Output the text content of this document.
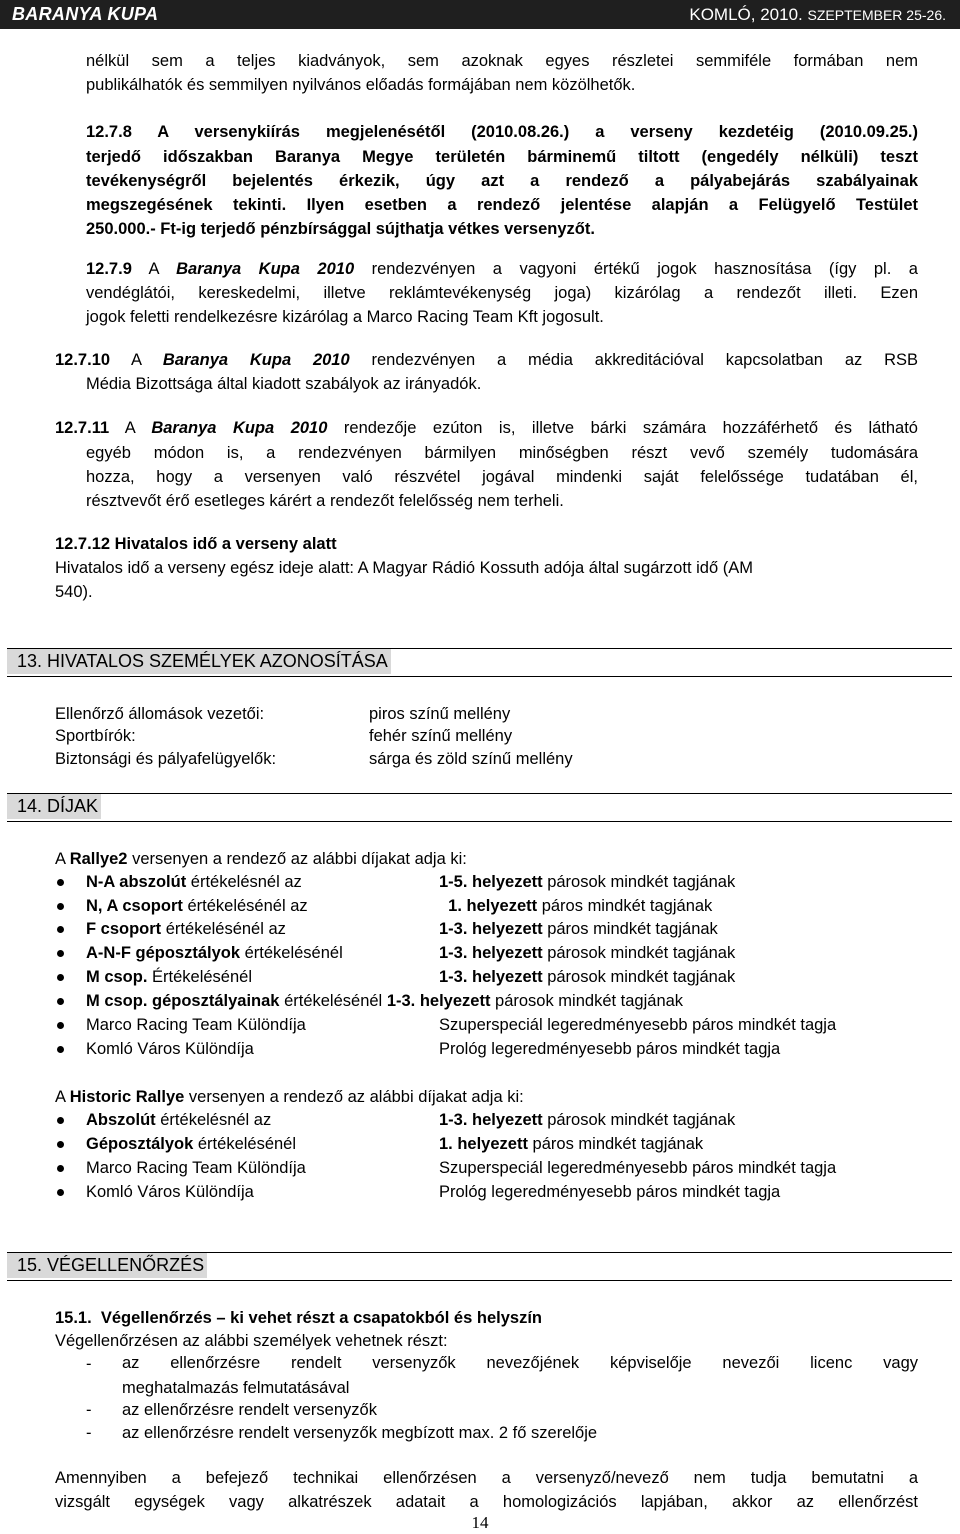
BARANYA KUPA	KOMLÓ, 2010. SZEPTEMBER 25-26.
nélkül sem a teljes kiadványok, sem azoknak egyes részletei semmiféle formában nem
publikálhatók és semmilyen nyilvános előadás formájában nem közölhetők.
12.7.8 A versenykiírás megjelenésétől (2010.08.26.) a verseny kezdetéig (2010.09.25.)
terjedő időszakban Baranya Megye területén bárminemű tiltott (engedély nélküli) teszt
tevékenységről bejelentés érkezik, úgy azt a rendező a pályabejárás szabályainak
megszegésének tekinti. Ilyen esetben a rendező jelentése alapján a Felügyelő Testület
250.000.- Ft-ig terjedő pénzbírsággal sújthatja vétkes versenyzőt.
12.7.9 A Baranya Kupa 2010 rendezvényen a vagyoni értékű jogok hasznosítása (így pl. a
vendéglátói, kereskedelmi, illetve reklámtevékenység joga) kizárólag a rendezőt illeti. Ezen
jogok feletti rendelkezésre kizárólag a Marco Racing Team Kft jogosult.
12.7.10 A Baranya Kupa 2010 rendezvényen a média akkreditációval kapcsolatban az RSB
Média Bizottsága által kiadott szabályok az irányadók.
12.7.11 A Baranya Kupa 2010 rendezője ezúton is, illetve bárki számára hozzáférhető és látható
egyéb módon is, a rendezvényen bármilyen minőségben részt vevő személy tudomására
hozza, hogy a versenyen való részvétel jogával mindenki saját felelőssége tudatában él,
résztvevőt érő esetleges kárért a rendezőt felelősség nem terheli.
12.7.12 Hivatalos idő a verseny alatt
Hivatalos idő a verseny egész ideje alatt: A Magyar Rádió Kossuth adója által sugárzott idő (AM
540).
13. HIVATALOS SZEMÉLYEK AZONOSÍTÁSA
Ellenőrző állomások vezetői:	piros színű mellény
Sportbírók:	fehér színű mellény
Biztonsági és pályafelügyelők:	sárga és zöld színű mellény
14. DÍJAK
A Rallye2 versenyen a rendező az alábbi díjakat adja ki:
N-A abszolút értékelésnél az	1-5. helyezett párosok mindkét tagjának
N, A csoport értékelésénél az	1. helyezett páros mindkét tagjának
F csoport értékelésénél az	1-3. helyezett páros mindkét tagjának
A-N-F géposztályok értékelésénél	1-3. helyezett párosok mindkét tagjának
M csop. Értékelésénél	1-3. helyezett párosok mindkét tagjának
M csop. géposztályainak értékelésénél 1-3. helyezett párosok mindkét tagjának
Marco Racing Team Különdíja	Szuperspeciál legeredményesebb páros mindkét tagja
Komló Város Különdíja	Prológ legeredményesebb páros mindkét tagja
A Historic Rallye versenyen a rendező az alábbi díjakat adja ki:
Abszolút értékelésnél az	1-3. helyezett párosok mindkét tagjának
Géposztályok értékelésénél	1. helyezett páros mindkét tagjának
Marco Racing Team Különdíja	Szuperspeciál legeredményesebb páros mindkét tagja
Komló Város Különdíja	Prológ legeredményesebb páros mindkét tagja
15. VÉGELLENŐRZÉS
15.1.  Végellenőrzés – ki vehet részt a csapatokból és helyszín
Végellenőrzésen az alábbi személyek vehetnek részt:
- az ellenőrzésre rendelt versenyzők nevezőjének képviselője nevezői licenc vagy
meghatalmazás felmutatásával
- az ellenőrzésre rendelt versenyzők
- az ellenőrzésre rendelt versenyzők megbízott max. 2 fő szerelője
Amennyiben a befejező technikai ellenőrzésen a versenyző/nevező nem tudja bemutatni a
vizsgált egységek vagy alkatrészek adatait a homologizációs lapjában, akkor az ellenőrzést
14
